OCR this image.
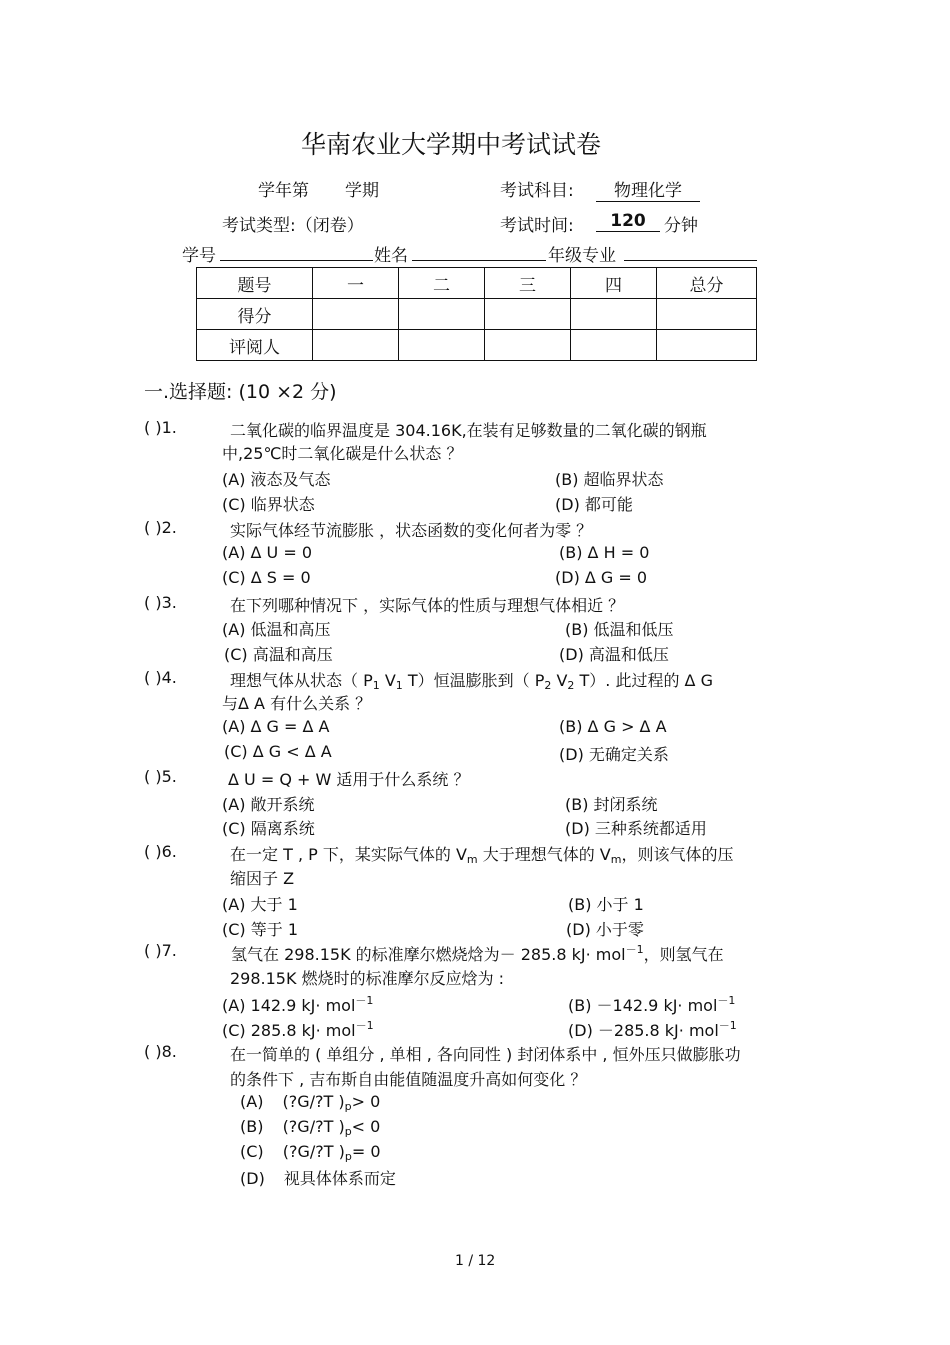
华南农业大学期中考试试卷
学年第 学期	考试科目:	物理化学
考试类型:（闭卷）	考试时间:	120	分钟
学号	姓名	年级专业
题号	一	二	三	四	总分
得分					
评阅人					
一.选择题: (10 ×2 分)
( )1.	二氧化碳的临界温度是 304.16K,在装有足够数量的二氧化碳的钢瓶
中,25℃时二氧化碳是什么状态 ？
(A) 液态及气态	(B) 超临界状态
(C) 临界状态	(D) 都可能
( )2.	实际气体经节流膨胀 ，状态函数的变化何者为零 ？
(A) Δ U = 0	(B) Δ H = 0
(C) Δ S = 0	(D) Δ G = 0
( )3.	在下列哪种情况下 ，实际气体的性质与理想气体相近 ？
(A) 低温和高压	(B) 低温和低压
(C) 高温和高压	(D) 高温和低压
( )4.	理想气体从状态（ $P_1$ $V_1$ T）恒温膨胀到（ $P_2$ $V_2$ T）. 此过程的 Δ G
与Δ A 有什么关系 ？
(A) Δ G = Δ A	(B) Δ G > Δ A
(C) Δ G < Δ A	(D) 无确定关系
( )5.	Δ U = Q + W 适用于什么系统 ？
(A) 敞开系统	(B) 封闭系统
(C) 隔离系统	(D) 三种系统都适用
( )6.	在一定 T , P 下，某实际气体的 $V_m$ 大于理想气体的 $V_m$，则该气体的压
缩因子 Z
(A) 大于 1	(B) 小于 1
(C) 等于 1	(D) 小于零
( )7.	氢气在 298.15K 的标准摩尔燃烧焓为－ 285.8 kJ· mol$^{-1}$，则氢气在
298.15K 燃烧时的标准摩尔反应焓为 :
(A) 142.9 kJ· mol$^{-1}$	(B) －142.9 kJ· mol$^{-1}$
(C) 285.8 kJ· mol$^{-1}$	(D) －285.8 kJ· mol$^{-1}$
( )8.	在一简单的 ( 单组分 , 单相 , 各向同性 ) 封闭体系中 , 恒外压只做膨胀功
的条件下 , 吉布斯自由能值随温度升高如何变化 ？
(A) (?G/?T )$_p> 0$
(B) (?G/?T )$_p< 0$
(C) (?G/?T )$_p= 0$
(D) 视具体体系而定
1 / 12
